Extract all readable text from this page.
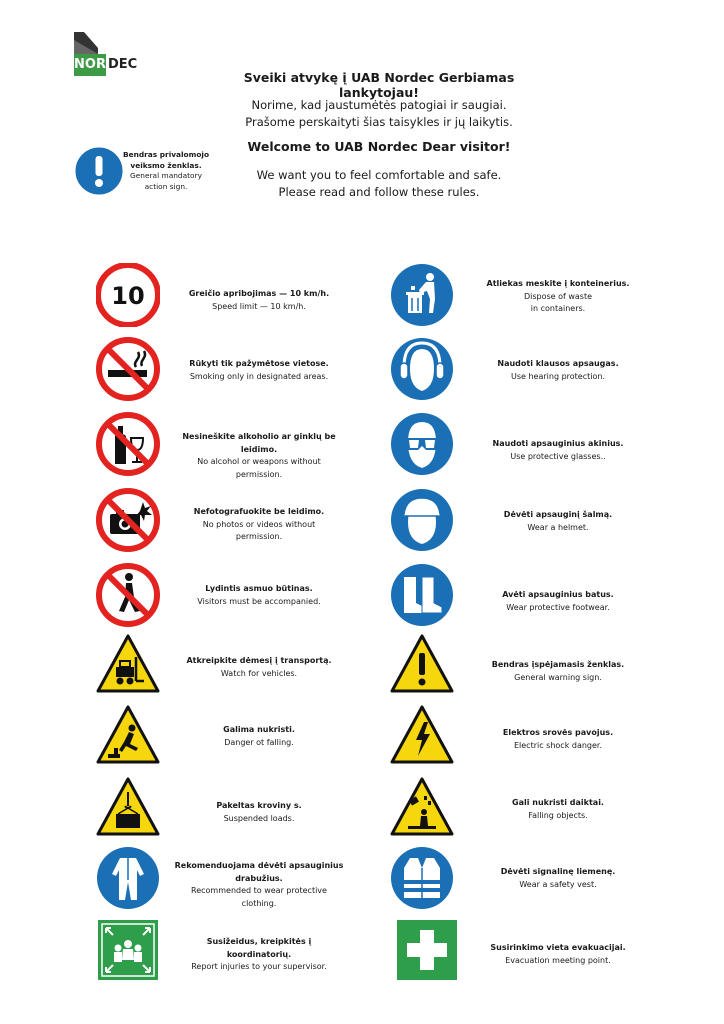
NOR DEC
Sveiki atvykę į UAB Nordec Gerbiamas lankytojau!
Norime, kad jaustumėtės patogiai ir saugiai.
Prašome perskaityti šias taisykles ir jų laikytis.
Welcome to UAB Nordec Dear visitor!
We want you to feel comfortable and safe.
Please read and follow these rules.
Bendras privalomojo
veiksmo ženklas.
General mandatory
action sign.
10	Greičio apribojimas — 10 km/h.
Speed limit — 10 km/h.
Rūkyti tik pažymėtose vietose.
Smoking only in designated areas.
Nesineškite alkoholio ar ginklų be leidimo.
No alcohol or weapons without
permission.
Nefotografuokite be leidimo.
No photos or videos without
permission.
Lydintis asmuo būtinas.
Visitors must be accompanied.
Atkreipkite dėmesį į transportą.
Watch for vehicles.
Galima nukristi.
Danger ot falling.
Pakeltas kroviny s.
Suspended loads.
Rekomenduojama dėvėti apsauginius
drabužius.
Recommended to wear protective
clothing.
Susižeidus, kreipkitės į
koordinatorių.
Report injuries to your supervisor.
Atliekas meskite į konteinerius.
Dispose of waste
in containers.
Naudoti klausos apsaugas.
Use hearing protection.
Naudoti apsauginius akinius.
Use protective glasses..
Dėvėti apsauginį šalmą.
Wear a helmet.
Avėti apsauginius batus.
Wear protective footwear.
Bendras įspėjamasis ženklas.
General warning sign.
Elektros srovės pavojus.
Electric shock danger.
Gali nukristi daiktai.
Falling objects.
Dėvėti signalinę liemenę.
Wear a safety vest.
Susirinkimo vieta evakuacijai.
Evacuation meeting point.
